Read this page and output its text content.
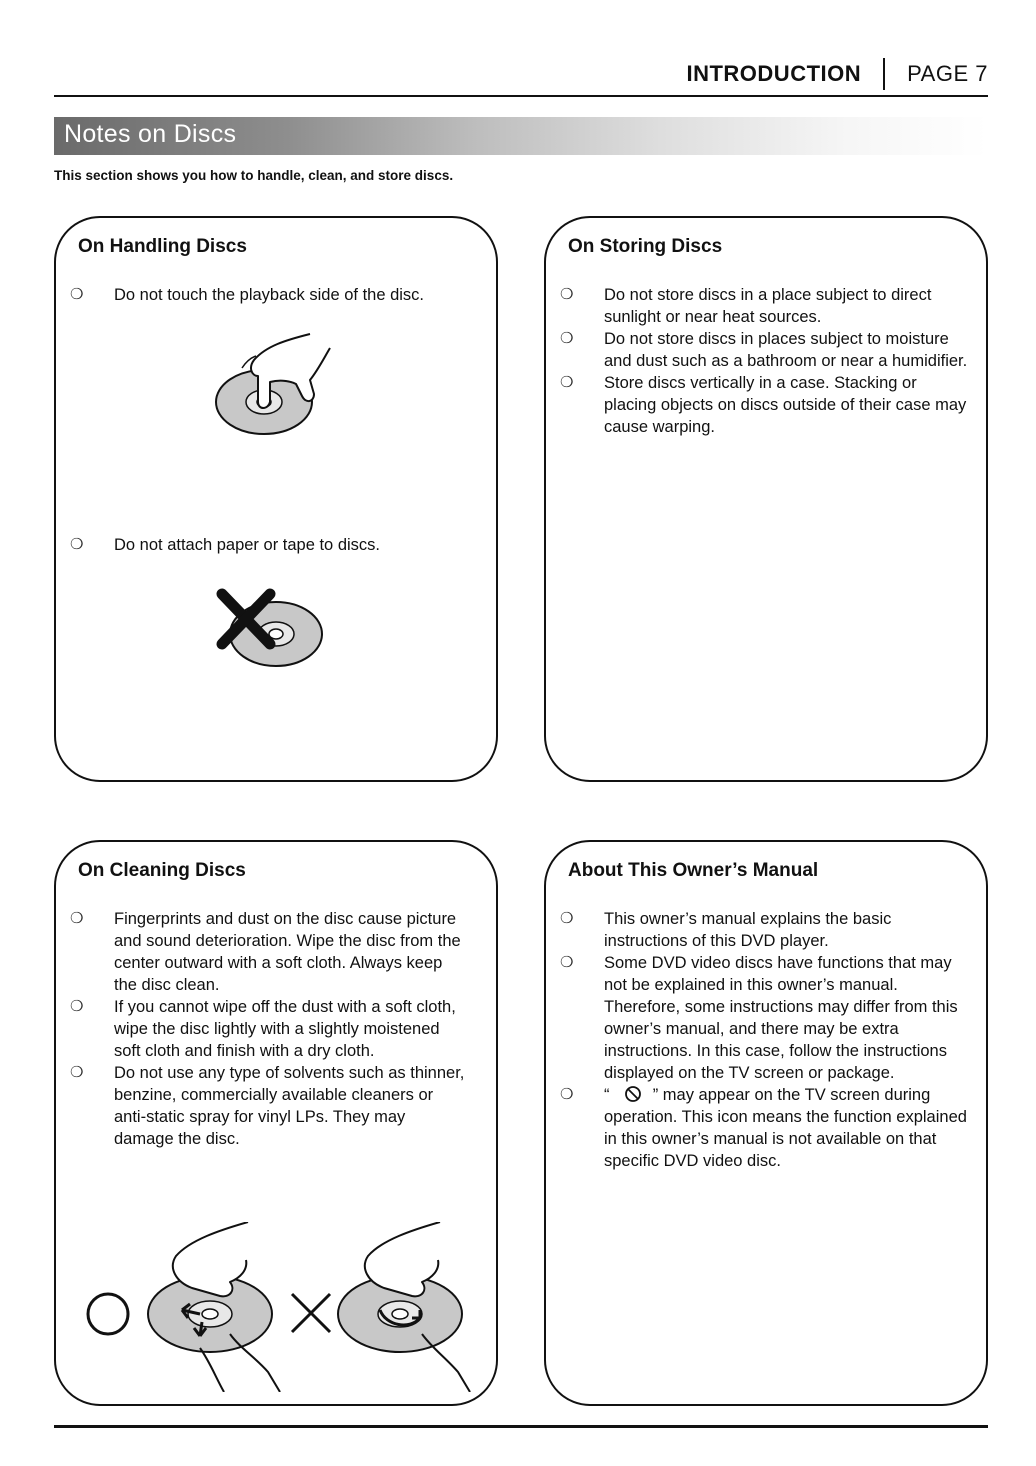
INTRODUCTION PAGE 7
Notes on Discs
This section shows you how to handle, clean, and store discs.
On Handling Discs
❍ Do not touch the playback side of the disc.
❍ Do not attach paper or tape to discs.
On Storing Discs
❍ Do not store discs in a place subject to direct sunlight or near heat sources.
❍ Do not store discs in places subject to moisture and dust such as a bathroom or near a humidifier.
❍ Store discs vertically in a case. Stacking or placing objects on discs outside of their case may cause warping.
On Cleaning Discs
❍ Fingerprints and dust on the disc cause picture and sound deterioration. Wipe the disc from the center outward with a soft cloth. Always keep the disc clean.
❍ If you cannot wipe off the dust with a soft cloth, wipe the disc lightly with a slightly moistened soft cloth and finish with a dry cloth.
❍ Do not use any type of solvents such as thinner, benzine, commercially available cleaners or anti-static spray for vinyl LPs. They may damage the disc.
About This Owner’s Manual
❍ This owner’s manual explains the basic instructions of this DVD player.
❍ Some DVD video discs have functions that may not be explained in this owner’s manual. Therefore, some instructions may differ from this owner’s manual, and there may be extra instructions. In this case, follow the instructions displayed on the TV screen or package.
❍ “	” may appear on the TV screen during operation. This icon means the function explained in this owner’s manual is not available on that specific DVD video disc.
